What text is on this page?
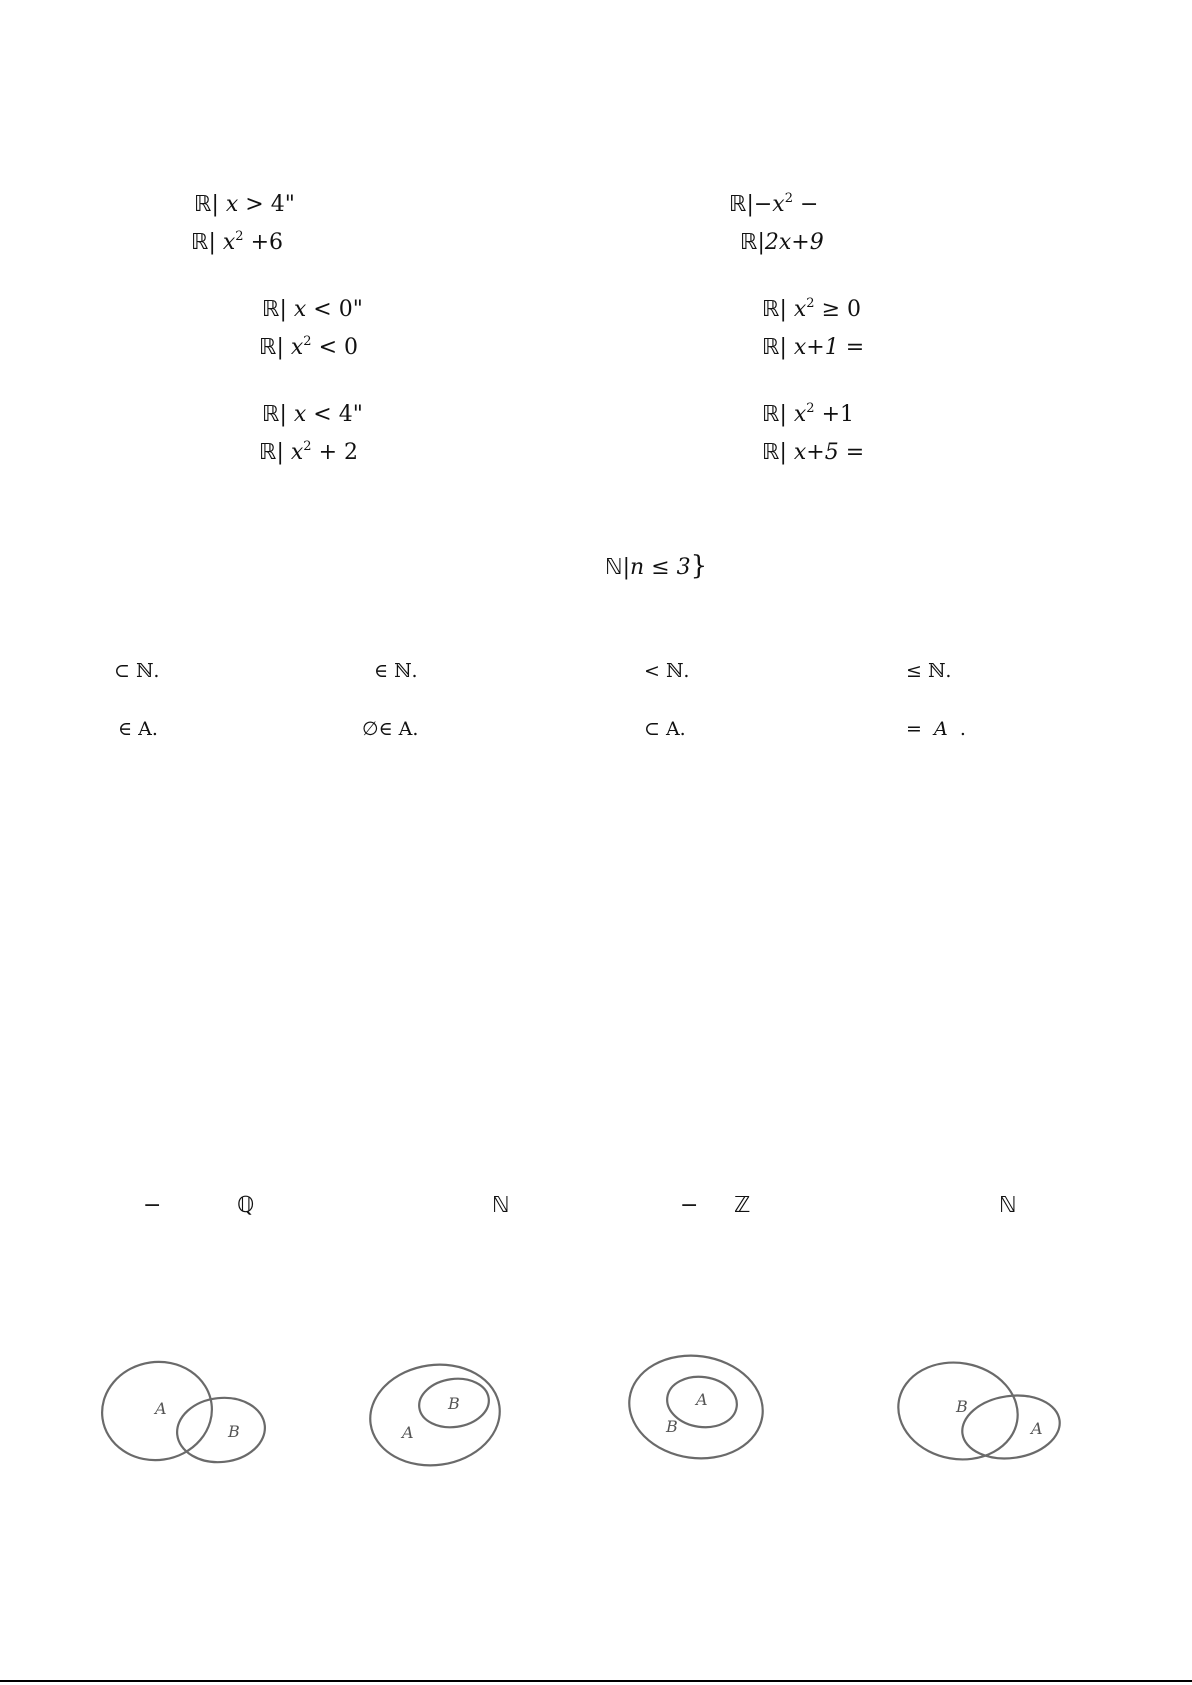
ℝ| x > 4"
ℝ| $x^2 +6$
ℝ| x < 0"
ℝ| $x^2 < 0$
ℝ| x < 4"
ℝ| $x^2 + 2$
$ℝ|-x^2$ −
ℝ|2x+9
ℝ| $x^2 \ge 0$
ℝ| x+1 =
ℝ| $x^2 +1$
ℝ| x+5 =
ℕ|n ≤ 3}
⊂ ℕ.	∈ ℕ.	< ℕ.	≤ ℕ.
∈ A.	∅∈ A.	⊂ A.	= A .
−	ℚ	ℕ	− ℤ	ℕ
A
B	A
B
B
A	B
A
